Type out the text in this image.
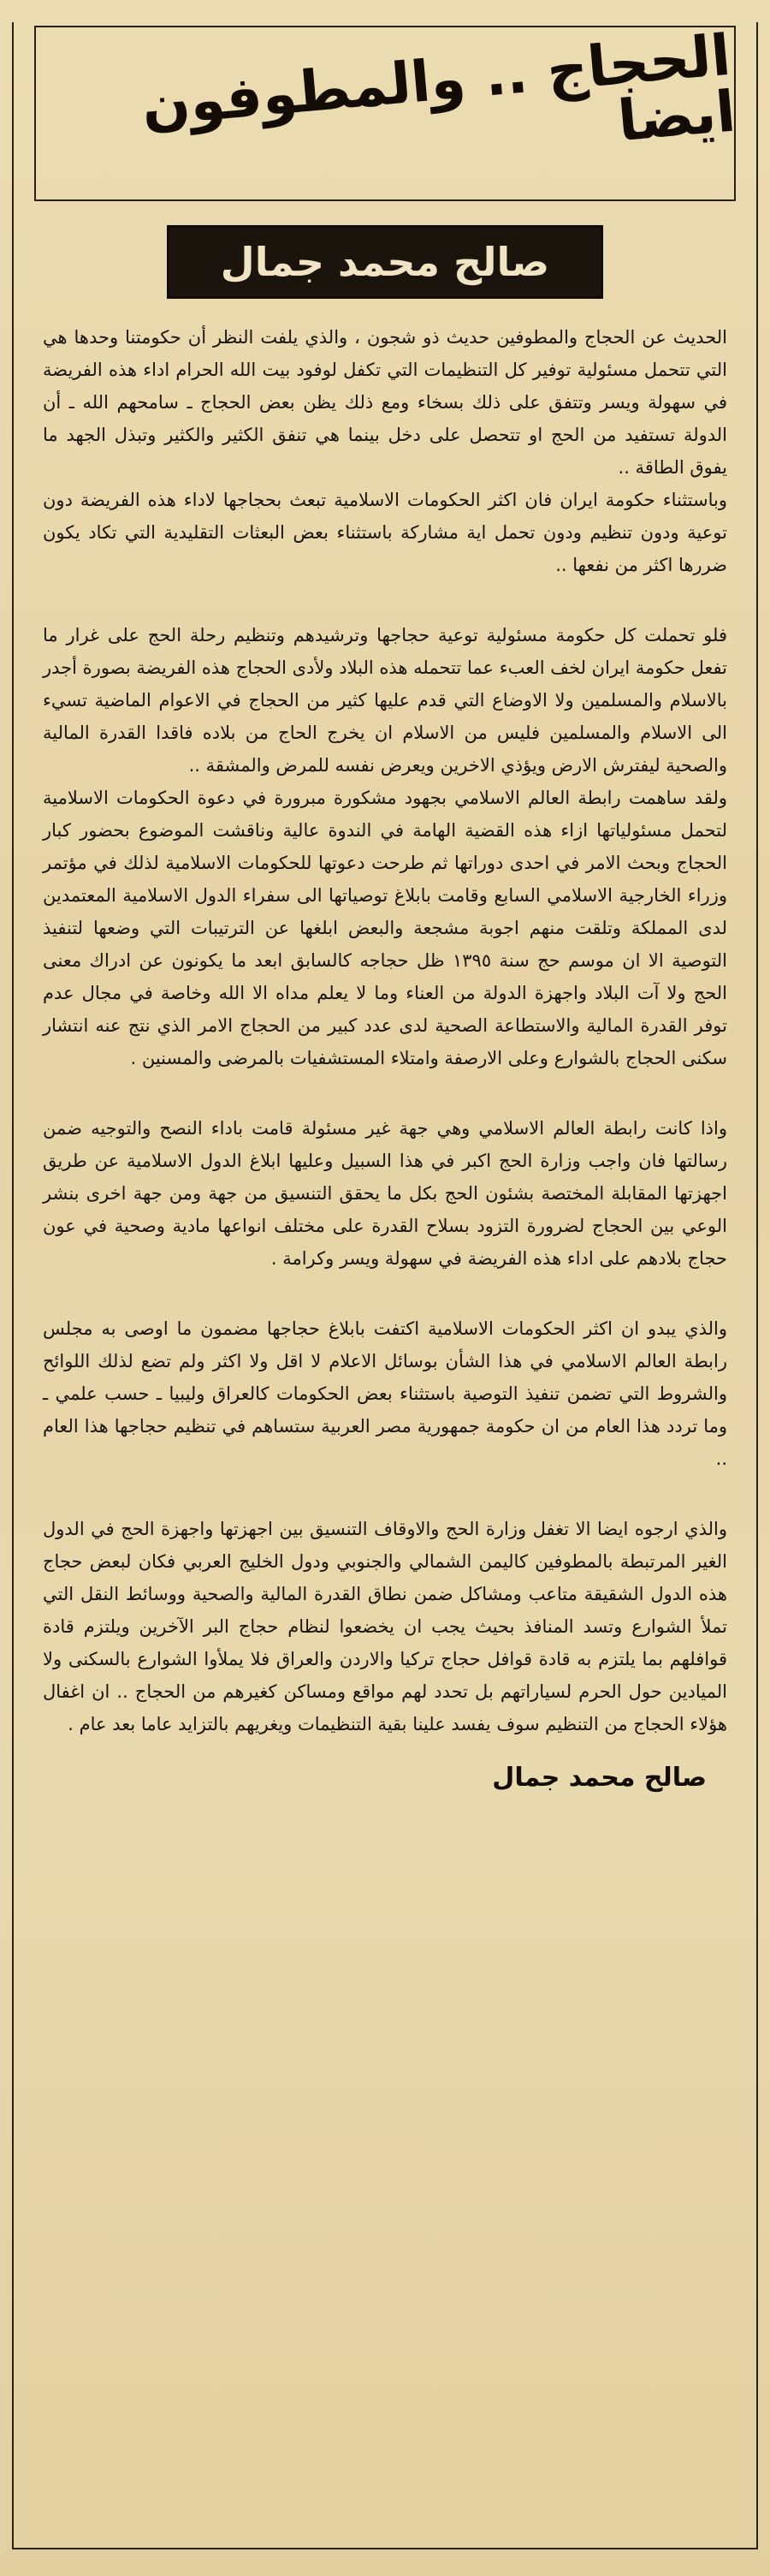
الحجاج .. والمطوفون ايضا
صالح محمد جمال

الحديث عن الحجاج والمطوفين حديث ذو شجون ، والذي يلفت النظر أن حكومتنا وحدها هي التي تتحمل مسئولية توفير كل التنظيمات التي تكفل لوفود بيت الله الحرام اداء هذه الفريضة في سهولة ويسر وتتفق على ذلك بسخاء ومع ذلك يظن بعض الحجاج ـ سامحهم الله ـ أن الدولة تستفيد من الحج او تتحصل على دخل بينما هي تنفق الكثير والكثير وتبذل الجهد ما يفوق الطاقة ..

وباستثناء حكومة ايران فان اكثر الحكومات الاسلامية تبعث بحجاجها لاداء هذه الفريضة دون توعية ودون تنظيم ودون تحمل اية مشاركة باستثناء بعض البعثات التقليدية التي تكاد يكون ضررها اكثر من نفعها ..

فلو تحملت كل حكومة مسئولية توعية حجاجها وترشيدهم وتنظيم رحلة الحج على غرار ما تفعل حكومة ايران لخف العبء عما تتحمله هذه البلاد ولأدى الحجاج هذه الفريضة بصورة أجدر بالاسلام والمسلمين ولا الاوضاع التي قدم عليها كثير من الحجاج في الاعوام الماضية تسيء الى الاسلام والمسلمين فليس من الاسلام ان يخرج الحاج من بلاده فاقدا القدرة المالية والصحية ليفترش الارض ويؤذي الاخرين ويعرض نفسه للمرض والمشقة ..

ولقد ساهمت رابطة العالم الاسلامي بجهود مشكورة مبرورة في دعوة الحكومات الاسلامية لتحمل مسئولياتها ازاء هذه القضية الهامة في الندوة عالية وناقشت الموضوع بحضور كبار الحجاج وبحث الامر في احدى دوراتها ثم طرحت دعوتها للحكومات الاسلامية لذلك في مؤتمر وزراء الخارجية الاسلامي السابع وقامت بابلاغ توصياتها الى سفراء الدول الاسلامية المعتمدين لدى المملكة وتلقت منهم اجوبة مشجعة والبعض ابلغها عن الترتيبات التي وضعها لتنفيذ التوصية الا ان موسم حج سنة ١٣٩٥ ظل حجاجه كالسابق ابعد ما يكونون عن ادراك معنى الحج ولا آت البلاد واجهزة الدولة من العناء وما لا يعلم مداه الا الله وخاصة في مجال عدم توفر القدرة المالية والاستطاعة الصحية لدى عدد كبير من الحجاج الامر الذي نتج عنه انتشار سكنى الحجاج بالشوارع وعلى الارصفة وامتلاء المستشفيات بالمرضى والمسنين .

واذا كانت رابطة العالم الاسلامي وهي جهة غير مسئولة قامت باداء النصح والتوجيه ضمن رسالتها فان واجب وزارة الحج اكبر في هذا السبيل وعليها ابلاغ الدول الاسلامية عن طريق اجهزتها المقابلة المختصة بشئون الحج بكل ما يحقق التنسيق من جهة ومن جهة اخرى بنشر الوعي بين الحجاج لضرورة التزود بسلاح القدرة على مختلف انواعها مادية وصحية في عون حجاج بلادهم على اداء هذه الفريضة في سهولة ويسر وكرامة .

والذي يبدو ان اكثر الحكومات الاسلامية اكتفت بابلاغ حجاجها مضمون ما اوصى به مجلس رابطة العالم الاسلامي في هذا الشأن بوسائل الاعلام لا اقل ولا اكثر ولم تضع لذلك اللوائح والشروط التي تضمن تنفيذ التوصية باستثناء بعض الحكومات كالعراق وليبيا ـ حسب علمي ـ وما تردد هذا العام من ان حكومة جمهورية مصر العربية ستساهم في تنظيم حجاجها هذا العام ..

والذي ارجوه ايضا الا تغفل وزارة الحج والاوقاف التنسيق بين اجهزتها واجهزة الحج في الدول الغير المرتبطة بالمطوفين كاليمن الشمالي والجنوبي ودول الخليج العربي فكان لبعض حجاج هذه الدول الشقيقة متاعب ومشاكل ضمن نطاق القدرة المالية والصحية ووسائط النقل التي تملأ الشوارع وتسد المنافذ بحيث يجب ان يخضعوا لنظام حجاج البر الآخرين ويلتزم قادة قوافلهم بما يلتزم به قادة قوافل حجاج تركيا والاردن والعراق فلا يملأوا الشوارع بالسكنى ولا الميادين حول الحرم لسياراتهم بل تحدد لهم مواقع ومساكن كغيرهم من الحجاج .. ان اغفال هؤلاء الحجاج من التنظيم سوف يفسد علينا بقية التنظيمات ويغريهم بالتزايد عاما بعد عام .

صالح محمد جمال
